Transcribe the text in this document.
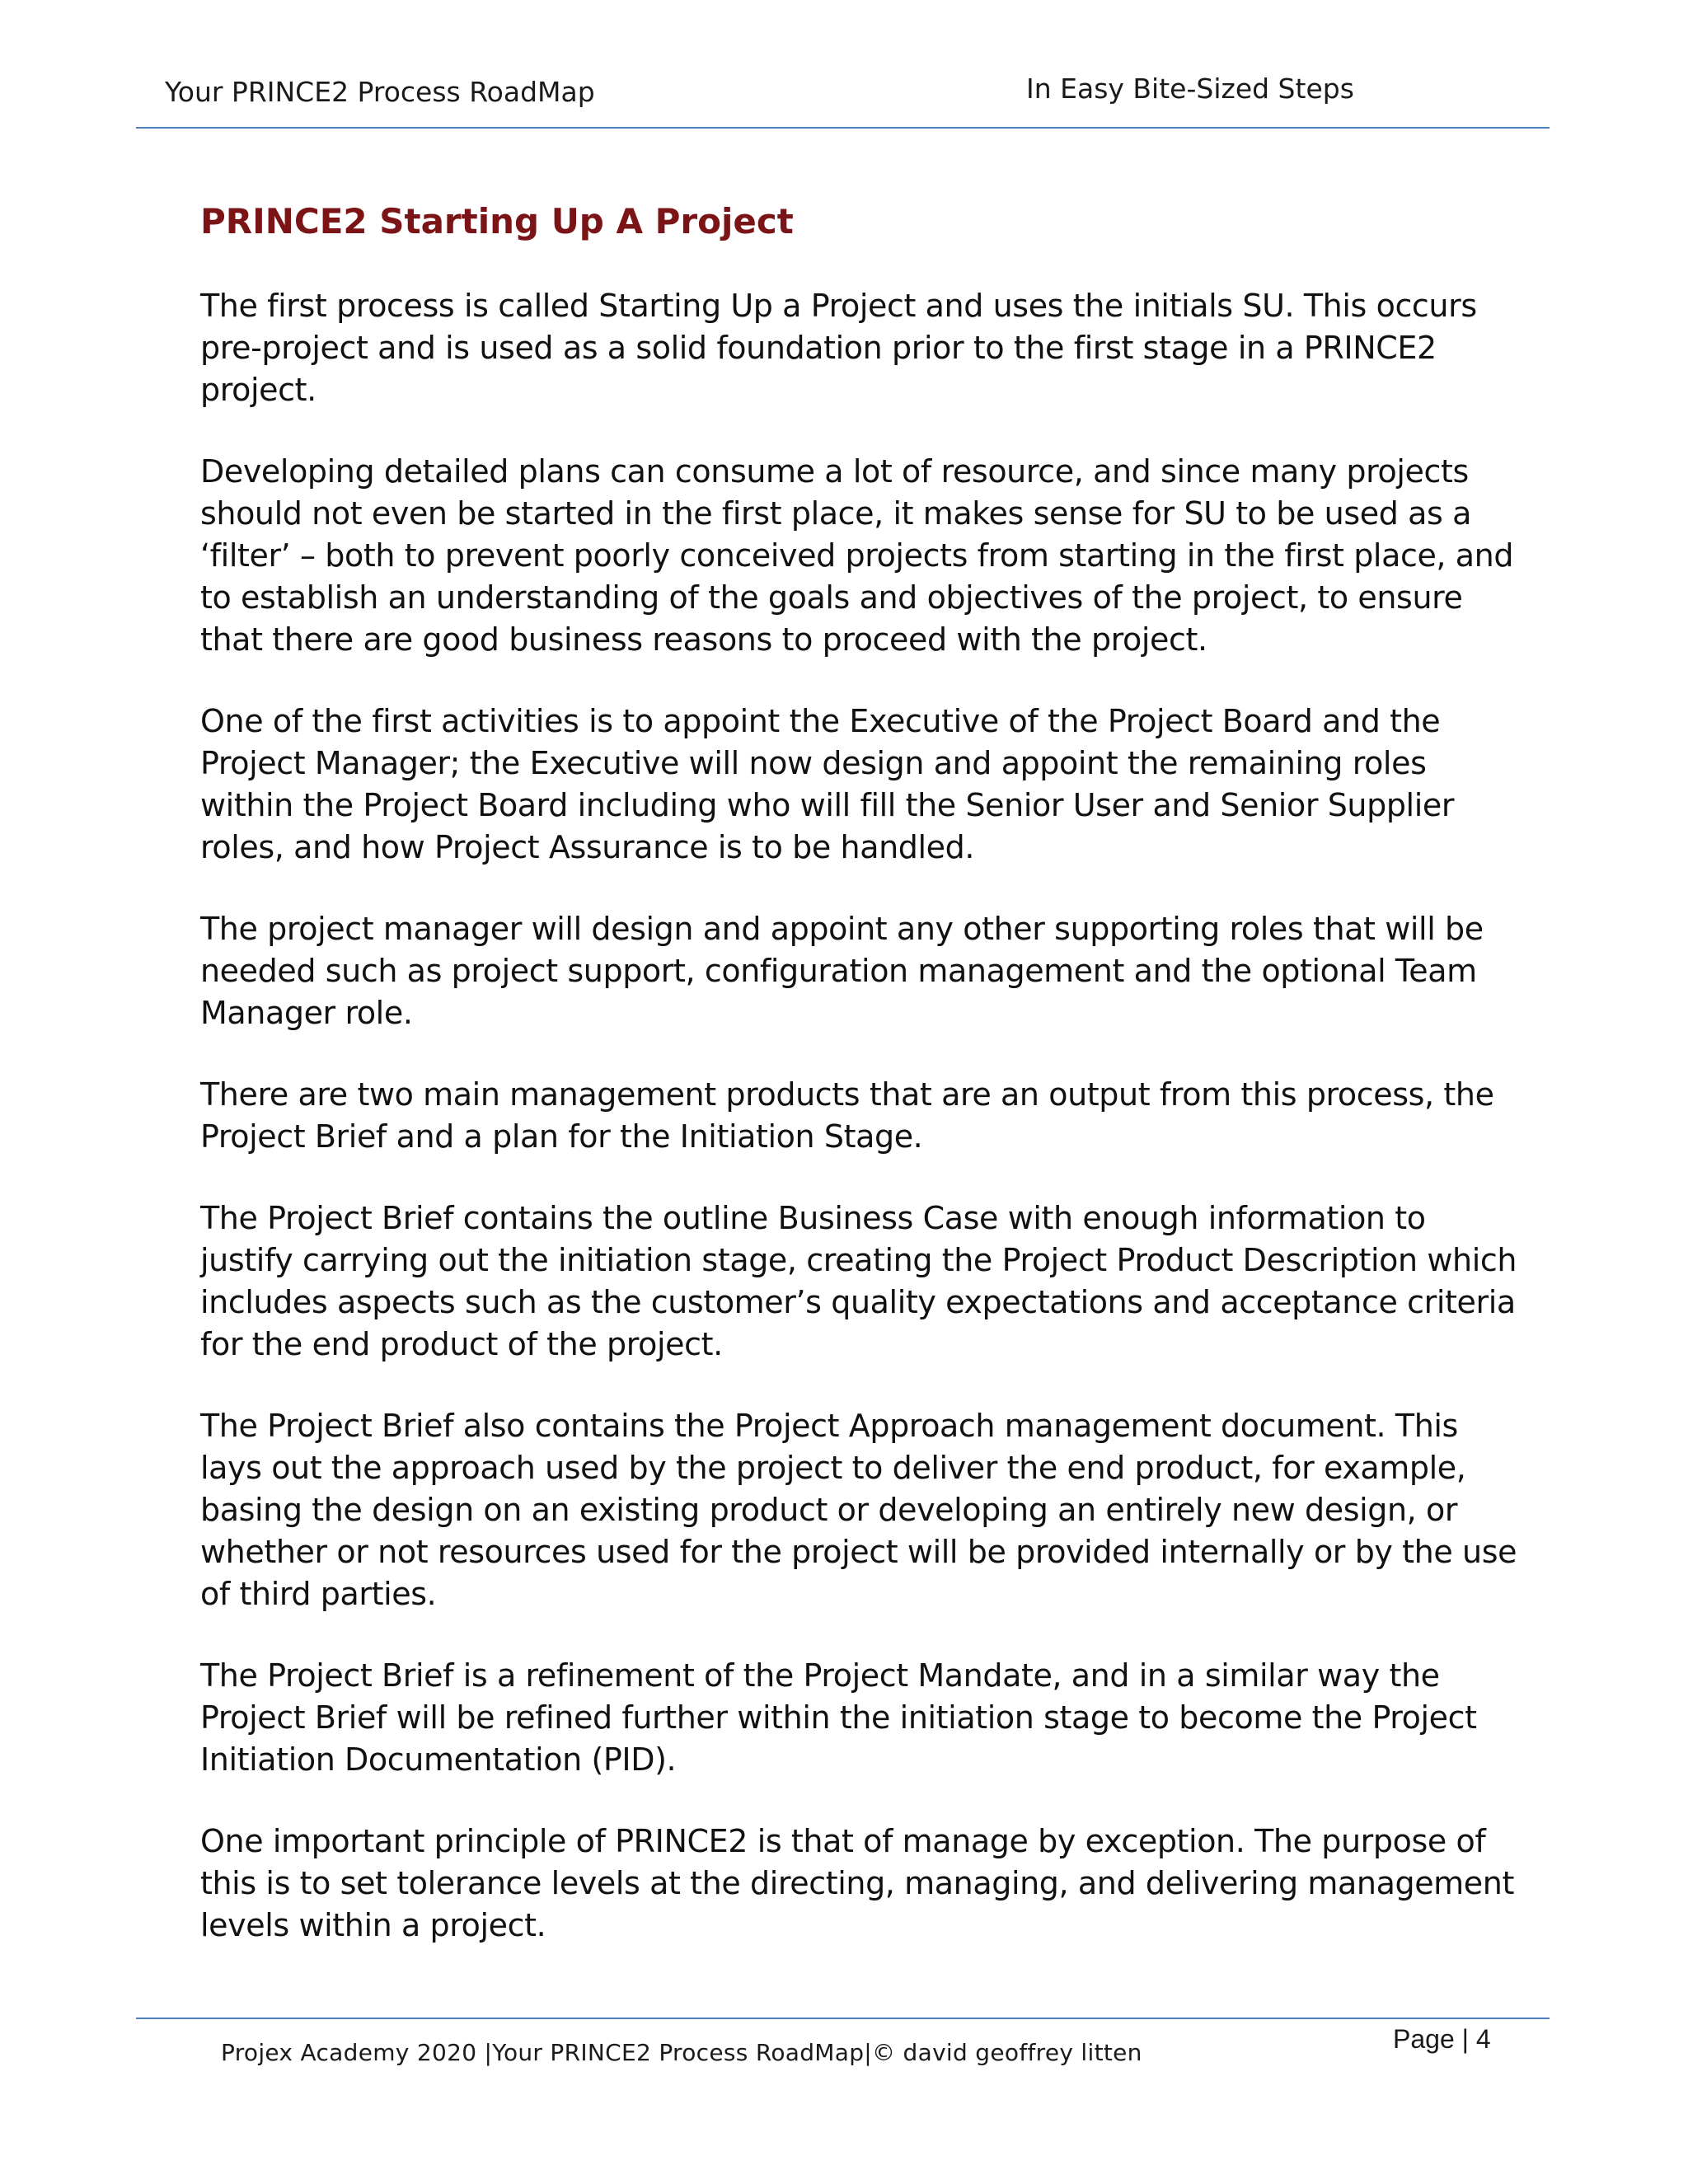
Your PRINCE2 Process RoadMap	In Easy Bite-Sized Steps
PRINCE2 Starting Up A Project

The first process is called Starting Up a Project and uses the initials SU. This occurs pre-project and is used as a solid foundation prior to the first stage in a PRINCE2 project.

Developing detailed plans can consume a lot of resource, and since many projects should not even be started in the first place, it makes sense for SU to be used as a ‘filter’ – both to prevent poorly conceived projects from starting in the first place, and to establish an understanding of the goals and objectives of the project, to ensure that there are good business reasons to proceed with the project.

One of the first activities is to appoint the Executive of the Project Board and the Project Manager; the Executive will now design and appoint the remaining roles within the Project Board including who will fill the Senior User and Senior Supplier roles, and how Project Assurance is to be handled.

The project manager will design and appoint any other supporting roles that will be needed such as project support, configuration management and the optional Team Manager role.

There are two main management products that are an output from this process, the Project Brief and a plan for the Initiation Stage.

The Project Brief contains the outline Business Case with enough information to justify carrying out the initiation stage, creating the Project Product Description which includes aspects such as the customer’s quality expectations and acceptance criteria for the end product of the project.

The Project Brief also contains the Project Approach management document. This lays out the approach used by the project to deliver the end product, for example, basing the design on an existing product or developing an entirely new design, or whether or not resources used for the project will be provided internally or by the use of third parties.

The Project Brief is a refinement of the Project Mandate, and in a similar way the Project Brief will be refined further within the initiation stage to become the Project Initiation Documentation (PID).

One important principle of PRINCE2 is that of manage by exception. The purpose of this is to set tolerance levels at the directing, managing, and delivering management levels within a project.

Projex Academy 2020 |Your PRINCE2 Process RoadMap|© david geoffrey litten	Page | 4
